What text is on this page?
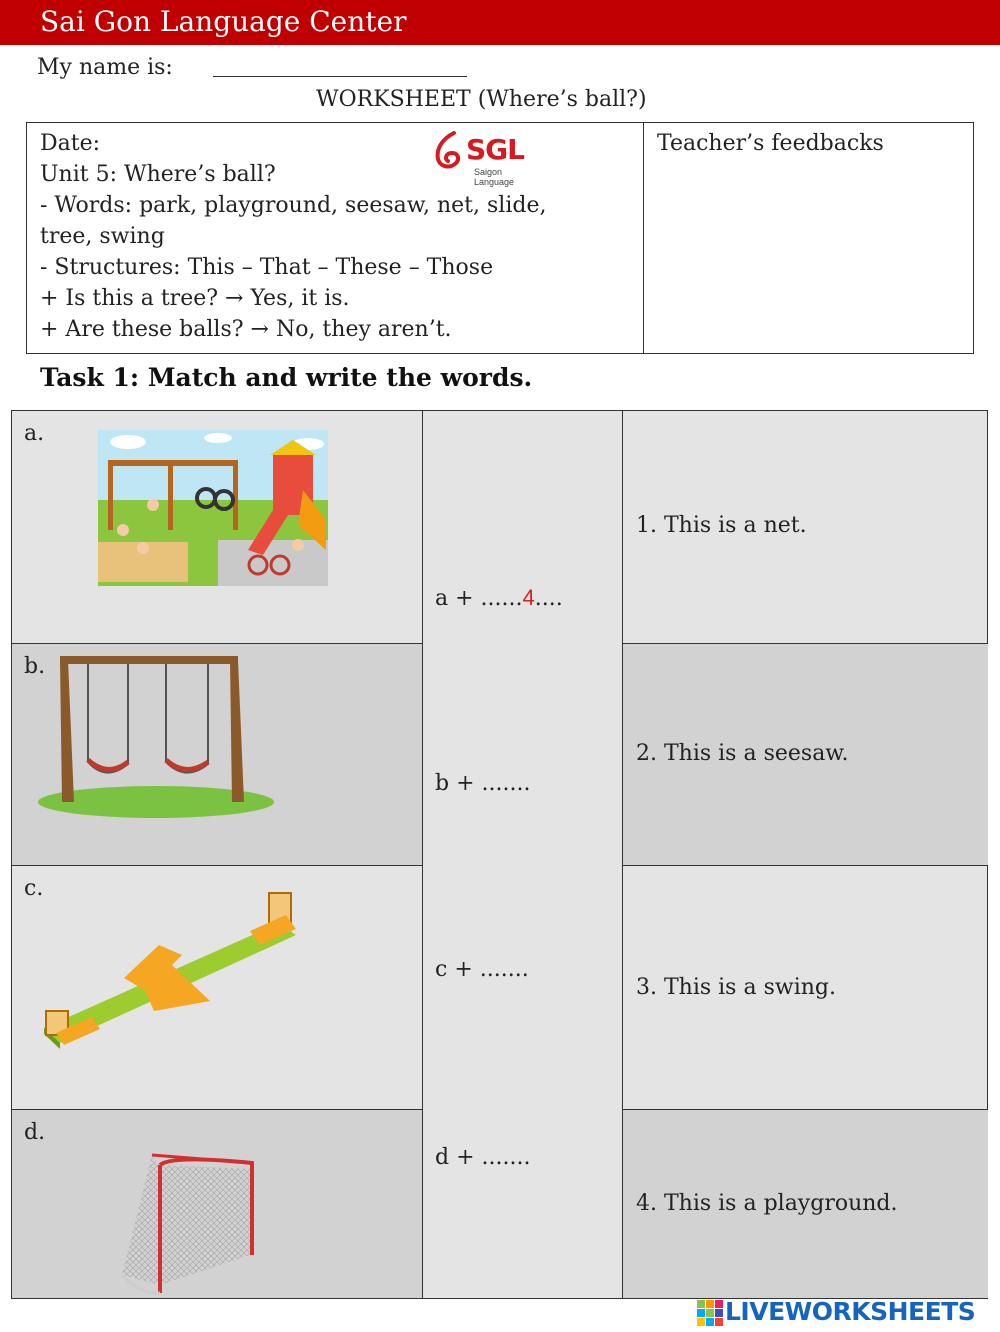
Sai Gon Language Center
My name is:
WORKSHEET (Where’s ball?)
Date:
Unit 5: Where’s ball?
- Words: park, playground, seesaw, net, slide,
tree, swing
- Structures: This – That – These – Those
+ Is this a tree? → Yes, it is.
+ Are these balls? → No, they aren’t.
SGL
Saigon Language
Teacher’s feedbacks
Task 1: Match and write the words.
a.
b.
c.
d.
a + ......4....
b + .......
c + .......
d + .......
1. This is a net.
2. This is a seesaw.
3. This is a swing.
4. This is a playground.
LIVEWORKSHEETS
